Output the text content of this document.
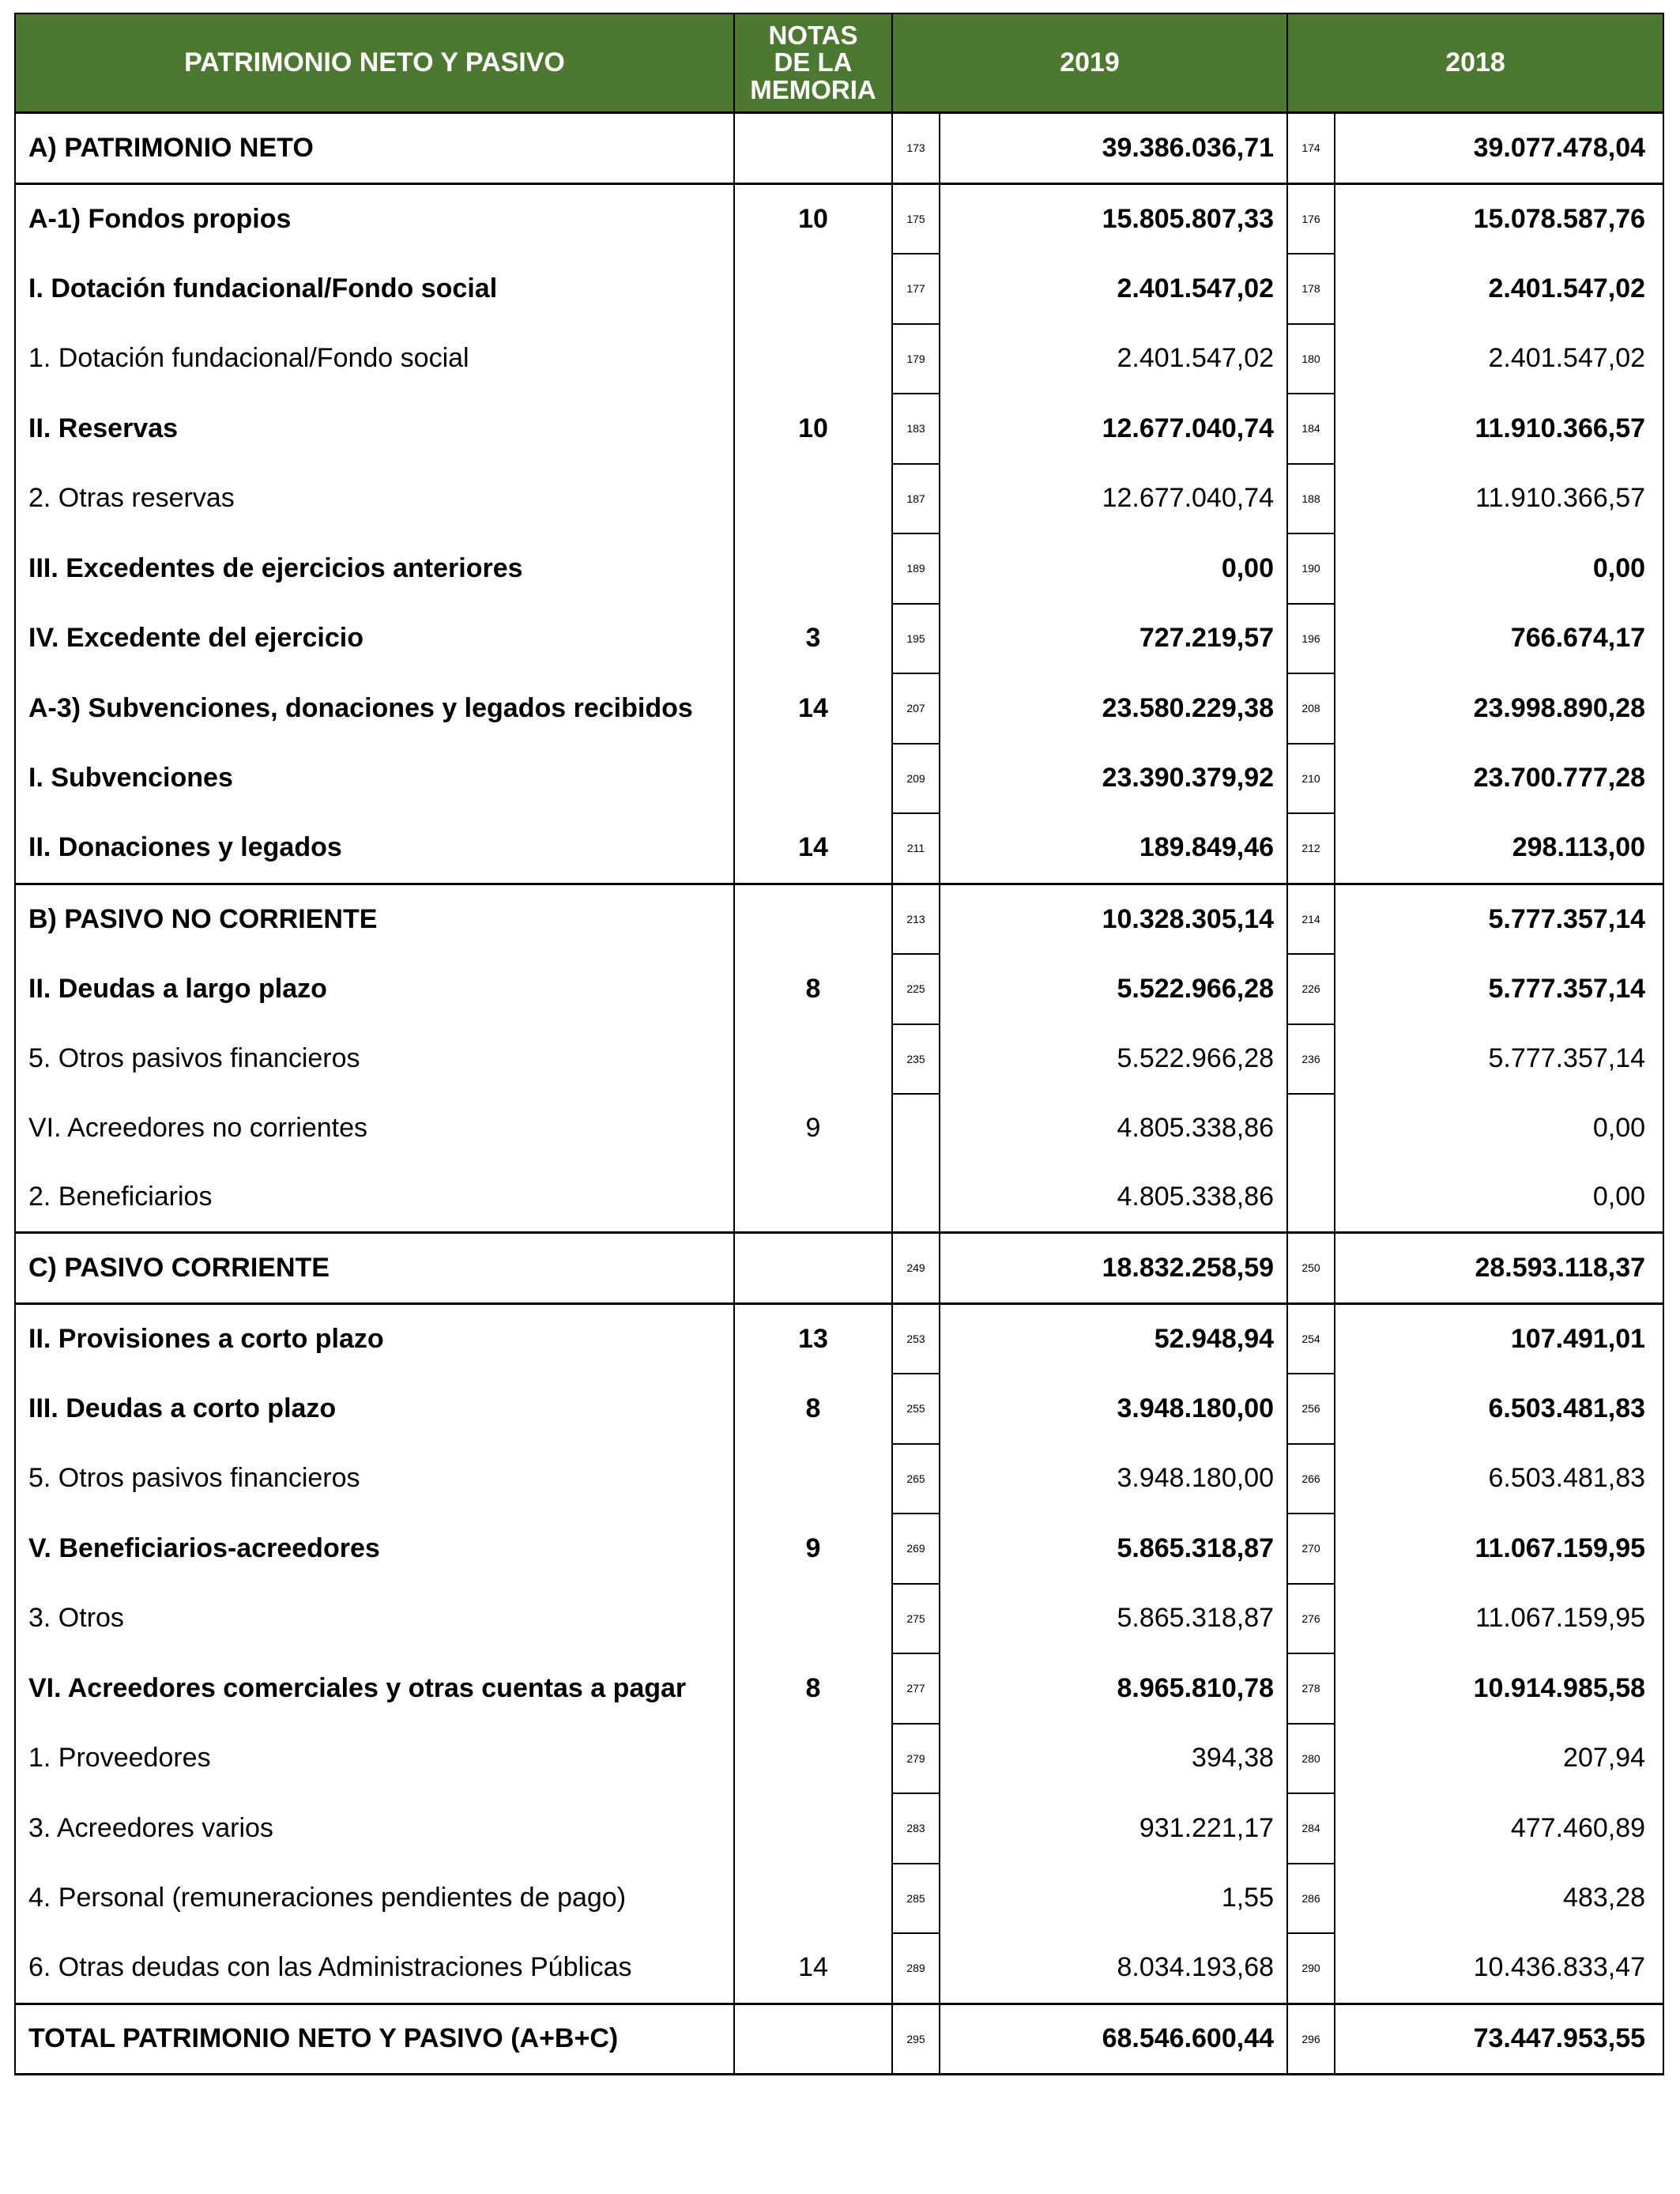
PATRIMONIO NETO Y PASIVO	NOTAS
DE LA
MEMORIA	2019		2018	
A) PATRIMONIO NETO		173	39.386.036,71	174	39.077.478,04
A-1) Fondos propios	10	175	15.805.807,33	176	15.078.587,76
I. Dotación fundacional/Fondo social		177	2.401.547,02	178	2.401.547,02
1. Dotación fundacional/Fondo social		179	2.401.547,02	180	2.401.547,02
II. Reservas	10	183	12.677.040,74	184	11.910.366,57
2. Otras reservas		187	12.677.040,74	188	11.910.366,57
III. Excedentes de ejercicios anteriores		189	0,00	190	0,00
IV. Excedente del ejercicio	3	195	727.219,57	196	766.674,17
A-3) Subvenciones, donaciones y legados recibidos	14	207	23.580.229,38	208	23.998.890,28
I. Subvenciones		209	23.390.379,92	210	23.700.777,28
II. Donaciones y legados	14	211	189.849,46	212	298.113,00
B) PASIVO NO CORRIENTE		213	10.328.305,14	214	5.777.357,14
II. Deudas a largo plazo	8	225	5.522.966,28	226	5.777.357,14
5. Otros pasivos financieros		235	5.522.966,28	236	5.777.357,14
VI. Acreedores no corrientes	9		4.805.338,86		0,00
2. Beneficiarios			4.805.338,86		0,00
C) PASIVO CORRIENTE		249	18.832.258,59	250	28.593.118,37
II. Provisiones a corto plazo	13	253	52.948,94	254	107.491,01
III. Deudas a corto plazo	8	255	3.948.180,00	256	6.503.481,83
5. Otros pasivos financieros		265	3.948.180,00	266	6.503.481,83
V. Beneficiarios-acreedores	9	269	5.865.318,87	270	11.067.159,95
3. Otros		275	5.865.318,87	276	11.067.159,95
VI. Acreedores comerciales y otras cuentas a pagar	8	277	8.965.810,78	278	10.914.985,58
1. Proveedores		279	394,38	280	207,94
3. Acreedores varios		283	931.221,17	284	477.460,89
4. Personal (remuneraciones pendientes de pago)		285	1,55	286	483,28
6. Otras deudas con las Administraciones Públicas	14	289	8.034.193,68	290	10.436.833,47
TOTAL PATRIMONIO NETO Y PASIVO (A+B+C)		295	68.546.600,44	296	73.447.953,55
